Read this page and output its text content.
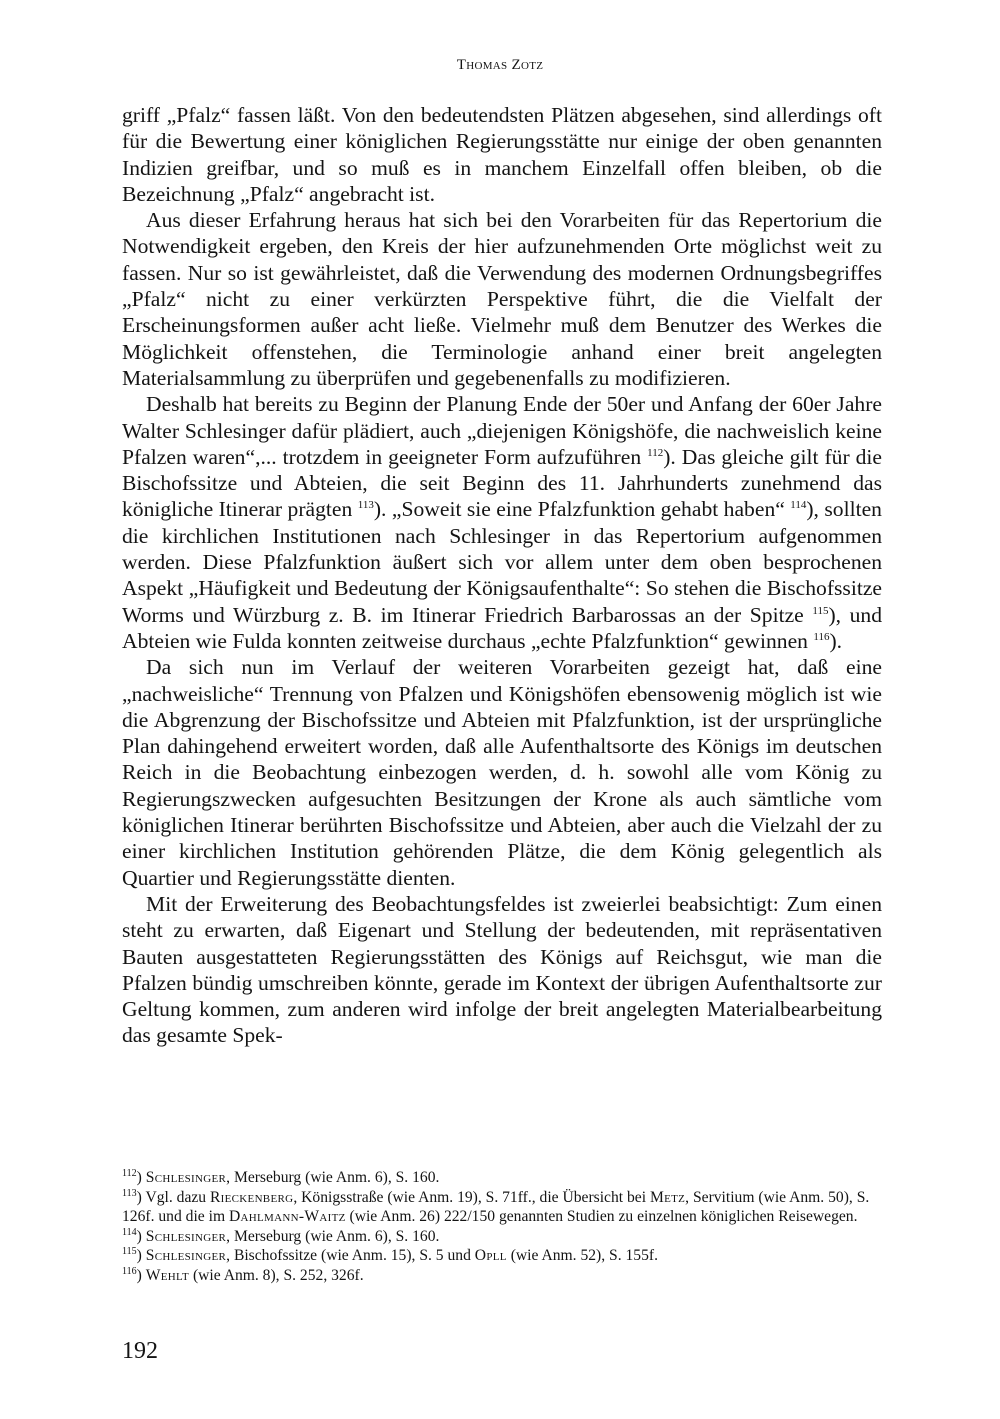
Thomas Zotz

griff „Pfalz“ fassen läßt. Von den bedeutendsten Plätzen abgesehen, sind allerdings oft für die Bewertung einer königlichen Regierungsstätte nur einige der oben genannten Indizien greifbar, und so muß es in manchem Einzelfall offen bleiben, ob die Bezeichnung „Pfalz“ angebracht ist.

Aus dieser Erfahrung heraus hat sich bei den Vorarbeiten für das Repertorium die Notwendigkeit ergeben, den Kreis der hier aufzunehmenden Orte möglichst weit zu fassen. Nur so ist gewährleistet, daß die Verwendung des modernen Ordnungsbegriffes „Pfalz“ nicht zu einer verkürzten Perspektive führt, die die Vielfalt der Erscheinungsformen außer acht ließe. Vielmehr muß dem Benutzer des Werkes die Möglichkeit offenstehen, die Terminologie anhand einer breit angelegten Materialsammlung zu überprüfen und gegebenenfalls zu modifizieren.

Deshalb hat bereits zu Beginn der Planung Ende der 50er und Anfang der 60er Jahre Walter Schlesinger dafür plädiert, auch „diejenigen Königshöfe, die nachweislich keine Pfalzen waren“,... trotzdem in geeigneter Form aufzuführen $^{112}$). Das gleiche gilt für die Bischofssitze und Abteien, die seit Beginn des 11. Jahrhunderts zunehmend das königliche Itinerar prägten $^{113}$). „Soweit sie eine Pfalzfunktion gehabt haben“ $^{114}$), sollten die kirchlichen Institutionen nach Schlesinger in das Repertorium aufgenommen werden. Diese Pfalzfunktion äußert sich vor allem unter dem oben besprochenen Aspekt „Häufigkeit und Bedeutung der Königsaufenthalte“: So stehen die Bischofssitze Worms und Würzburg z. B. im Itinerar Friedrich Barbarossas an der Spitze $^{115}$), und Abteien wie Fulda konnten zeitweise durchaus „echte Pfalzfunktion“ gewinnen $^{116}$).

Da sich nun im Verlauf der weiteren Vorarbeiten gezeigt hat, daß eine „nachweisliche“ Trennung von Pfalzen und Königshöfen ebensowenig möglich ist wie die Abgrenzung der Bischofssitze und Abteien mit Pfalzfunktion, ist der ursprüngliche Plan dahingehend erweitert worden, daß alle Aufenthaltsorte des Königs im deutschen Reich in die Beobachtung einbezogen werden, d. h. sowohl alle vom König zu Regierungszwecken aufgesuchten Besitzungen der Krone als auch sämtliche vom königlichen Itinerar berührten Bischofssitze und Abteien, aber auch die Vielzahl der zu einer kirchlichen Institution gehörenden Plätze, die dem König gelegentlich als Quartier und Regierungsstätte dienten.

Mit der Erweiterung des Beobachtungsfeldes ist zweierlei beabsichtigt: Zum einen steht zu erwarten, daß Eigenart und Stellung der bedeutenden, mit repräsentativen Bauten ausgestatteten Regierungsstätten des Königs auf Reichsgut, wie man die Pfalzen bündig umschreiben könnte, gerade im Kontext der übrigen Aufenthaltsorte zur Geltung kommen, zum anderen wird infolge der breit angelegten Materialbearbeitung das gesamte Spek-

$^{112}$) Schlesinger, Merseburg (wie Anm. 6), S. 160.

$^{113}$) Vgl. dazu Rieckenberg, Königsstraße (wie Anm. 19), S. 71ff., die Übersicht bei Metz, Servitium (wie Anm. 50), S. 126f. und die im Dahlmann-Waitz (wie Anm. 26) 222/150 genannten Studien zu einzelnen königlichen Reisewegen.

$^{114}$) Schlesinger, Merseburg (wie Anm. 6), S. 160.

$^{115}$) Schlesinger, Bischofssitze (wie Anm. 15), S. 5 und Opll (wie Anm. 52), S. 155f.

$^{116}$) Wehlt (wie Anm. 8), S. 252, 326f.

192
